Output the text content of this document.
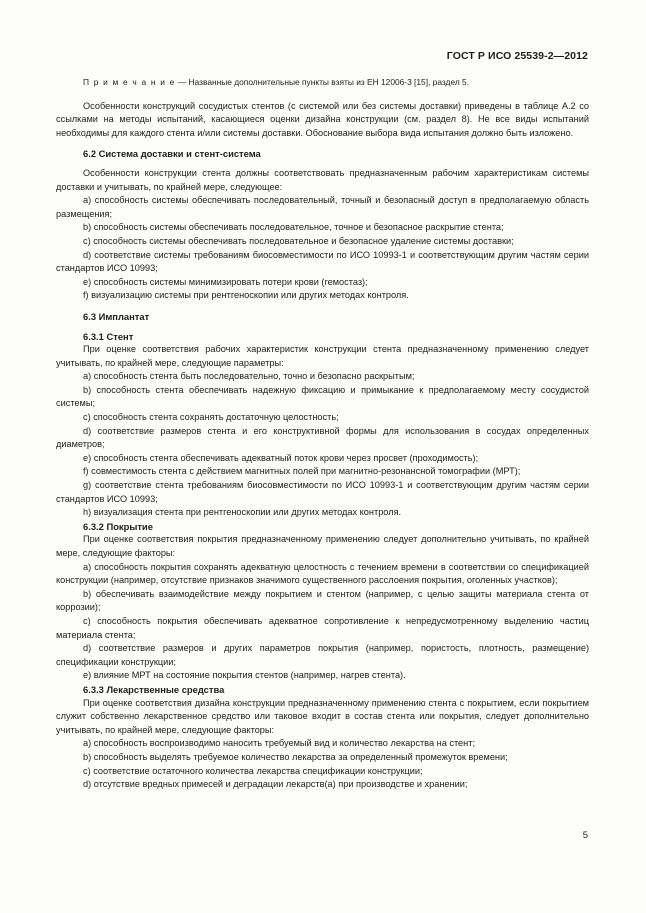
ГОСТ Р ИСО 25539-2—2012

П р и м е ч а н и е — Названные дополнительные пункты взяты из ЕН 12006-3 [15], раздел 5.

Особенности конструкций сосудистых стентов (с системой или без системы доставки) приведены в таблице А.2 со ссылками на методы испытаний, касающиеся оценки дизайна конструкции (см. раздел 8). Не все виды испытаний необходимы для каждого стента и/или системы доставки. Обоснование выбора вида испытания должно быть изложено.

6.2 Система доставки и стент-система

Особенности конструкции стента должны соответствовать предназначенным рабочим характеристикам системы доставки и учитывать, по крайней мере, следующее:

a) способность системы обеспечивать последовательный, точный и безопасный доступ в предполагаемую область размещения;

b) способность системы обеспечивать последовательное, точное и безопасное раскрытие стента;

c) способность системы обеспечивать последовательное и безопасное удаление системы доставки;

d) соответствие системы требованиям биосовместимости по ИСО 10993-1 и соответствующим другим частям серии стандартов ИСО 10993;

e) способность системы минимизировать потери крови (гемостаз);

f) визуализацию системы при рентгеноскопии или других методах контроля.

6.3 Имплантат
6.3.1 Стент

При оценке соответствия рабочих характеристик конструкции стента предназначенному применению следует учитывать, по крайней мере, следующие параметры:

a) способность стента быть последовательно, точно и безопасно раскрытым;

b) способность стента обеспечивать надежную фиксацию и примыкание к предполагаемому месту сосудистой системы;

c) способность стента сохранять достаточную целостность;

d) соответствие размеров стента и его конструктивной формы для использования в сосудах определенных диаметров;

e) способность стента обеспечивать адекватный поток крови через просвет (проходимость);

f) совместимость стента с действием магнитных полей при магнитно-резонансной томографии (МРТ);

g) соответствие стента требованиям биосовместимости по ИСО 10993-1 и соответствующим другим частям серии стандартов ИСО 10993;

h) визуализация стента при рентгеноскопии или других методах контроля.

6.3.2 Покрытие

При оценке соответствия покрытия предназначенному применению следует дополнительно учитывать, по крайней мере, следующие факторы:

a) способность покрытия сохранять адекватную целостность с течением времени в соответствии со спецификацией конструкции (например, отсутствие признаков значимого существенного расслоения покрытия, оголенных участков);

b) обеспечивать взаимодействие между покрытием и стентом (например, с целью защиты материала стента от коррозии);

c) способность покрытия обеспечивать адекватное сопротивление к непредусмотренному выделению частиц материала стента;

d) соответствие размеров и других параметров покрытия (например, пористость, плотность, размещение) спецификации конструкции;

e) влияние МРТ на состояние покрытия стентов (например, нагрев стента).

6.3.3 Лекарственные средства

При оценке соответствия дизайна конструкции предназначенному применению стента с покрытием, если покрытием служит собственно лекарственное средство или таковое входит в состав стента или покрытия, следует дополнительно учитывать, по крайней мере, следующие факторы:

a) способность воспроизводимо наносить требуемый вид и количество лекарства на стент;

b) способность выделять требуемое количество лекарства за определенный промежуток времени;

c) соответствие остаточного количества лекарства спецификации конструкции;

d) отсутствие вредных примесей и деградации лекарств(а) при производстве и хранении;

5
